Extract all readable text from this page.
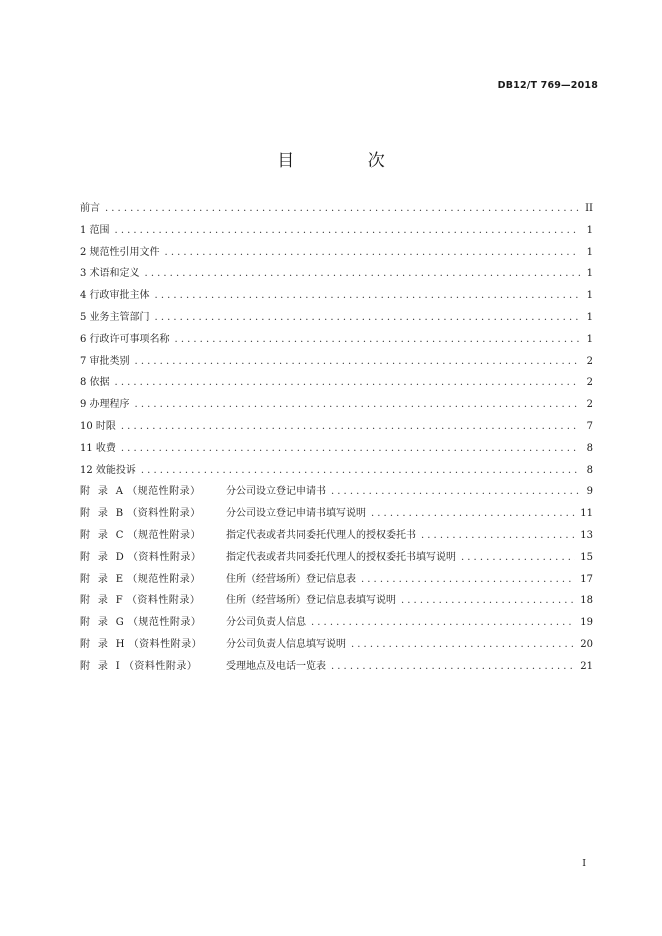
DB12/T 769—2018
目 次
前言 .....	II
1 范围 .....	1
2 规范性引用文件 .....	1
3 术语和定义 .....	1
4 行政审批主体 .....	1
5 业务主管部门 .....	1
6 行政许可事项名称 .....	1
7 审批类别 .....	2
8 依据 .....	2
9 办理程序 .....	2
10 时限 .....	7
11 收费 .....	8
12 效能投诉 .....	8
附  录  A （规范性附录）	分公司设立登记申请书 .....	9
附  录  B （资料性附录）	分公司设立登记申请书填写说明 .....	11
附  录  C （规范性附录）	指定代表或者共同委托代理人的授权委托书 .....	13
附  录  D （资料性附录）	指定代表或者共同委托代理人的授权委托书填写说明 .....	15
附  录  E （规范性附录）	住所（经营场所）登记信息表 .....	17
附  录  F （资料性附录）	住所（经营场所）登记信息表填写说明 .....	18
附  录  G （规范性附录）	分公司负责人信息 .....	19
附  录  H （资料性附录）	分公司负责人信息填写说明 .....	20
附  录  I （资料性附录）	受理地点及电话一览表 .....	21
I
